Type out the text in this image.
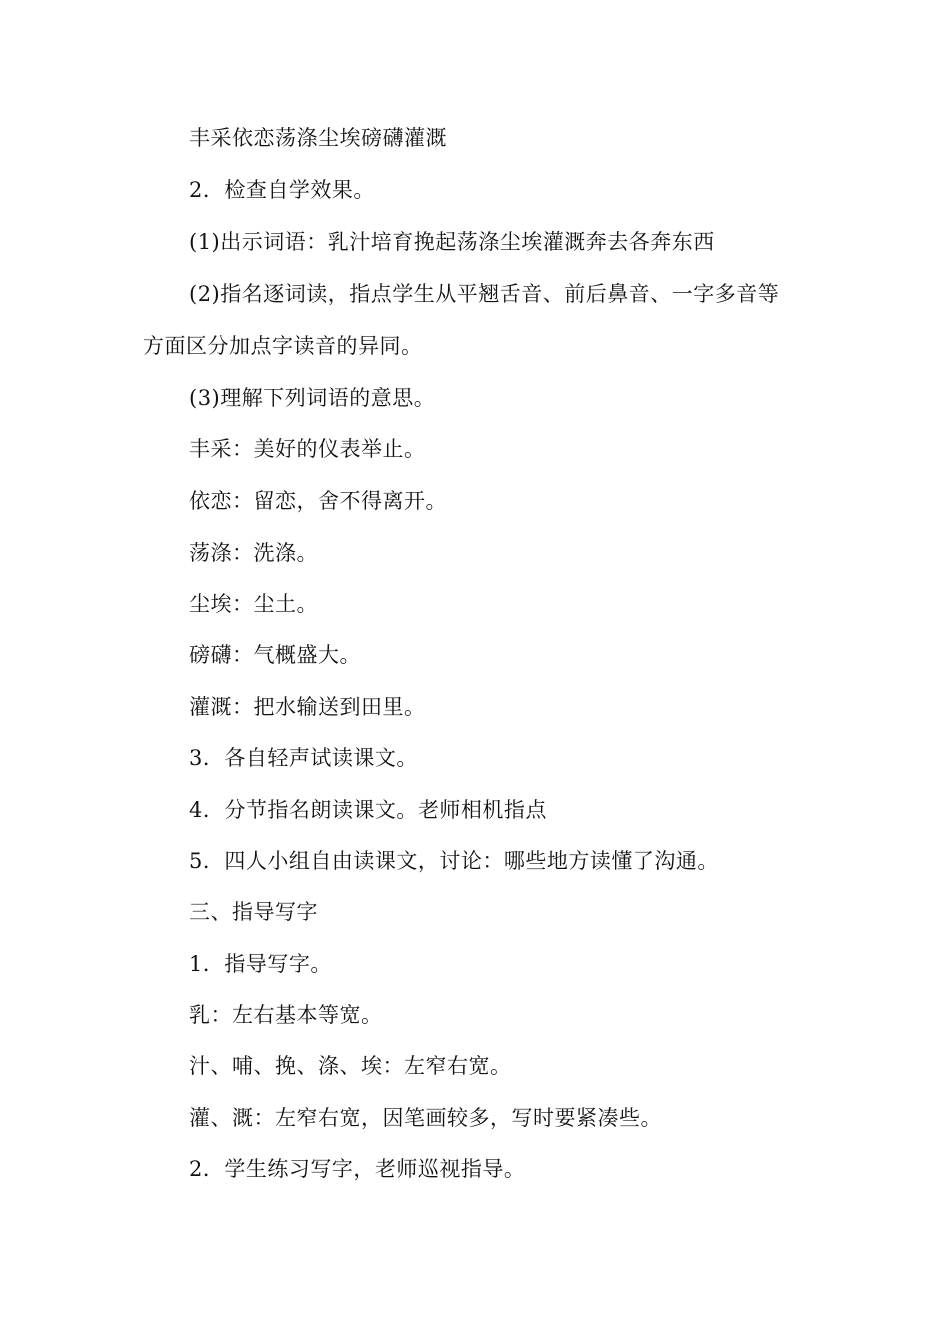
丰采依恋荡涤尘埃磅礴灌溉
2．检查自学效果。
(1)出示词语：乳汁培育挽起荡涤尘埃灌溉奔去各奔东西
(2)指名逐词读，指点学生从平翘舌音、前后鼻音、一字多音等
方面区分加点字读音的异同。
(3)理解下列词语的意思。
丰采：美好的仪表举止。
依恋：留恋，舍不得离开。
荡涤：洗涤。
尘埃：尘土。
磅礴：气概盛大。
灌溉：把水输送到田里。
3．各自轻声试读课文。
4．分节指名朗读课文。老师相机指点
5．四人小组自由读课文，讨论：哪些地方读懂了沟通。
三、指导写字
1．指导写字。
乳：左右基本等宽。
汁、哺、挽、涤、埃：左窄右宽。
灌、溉：左窄右宽，因笔画较多，写时要紧凑些。
2．学生练习写字，老师巡视指导。
